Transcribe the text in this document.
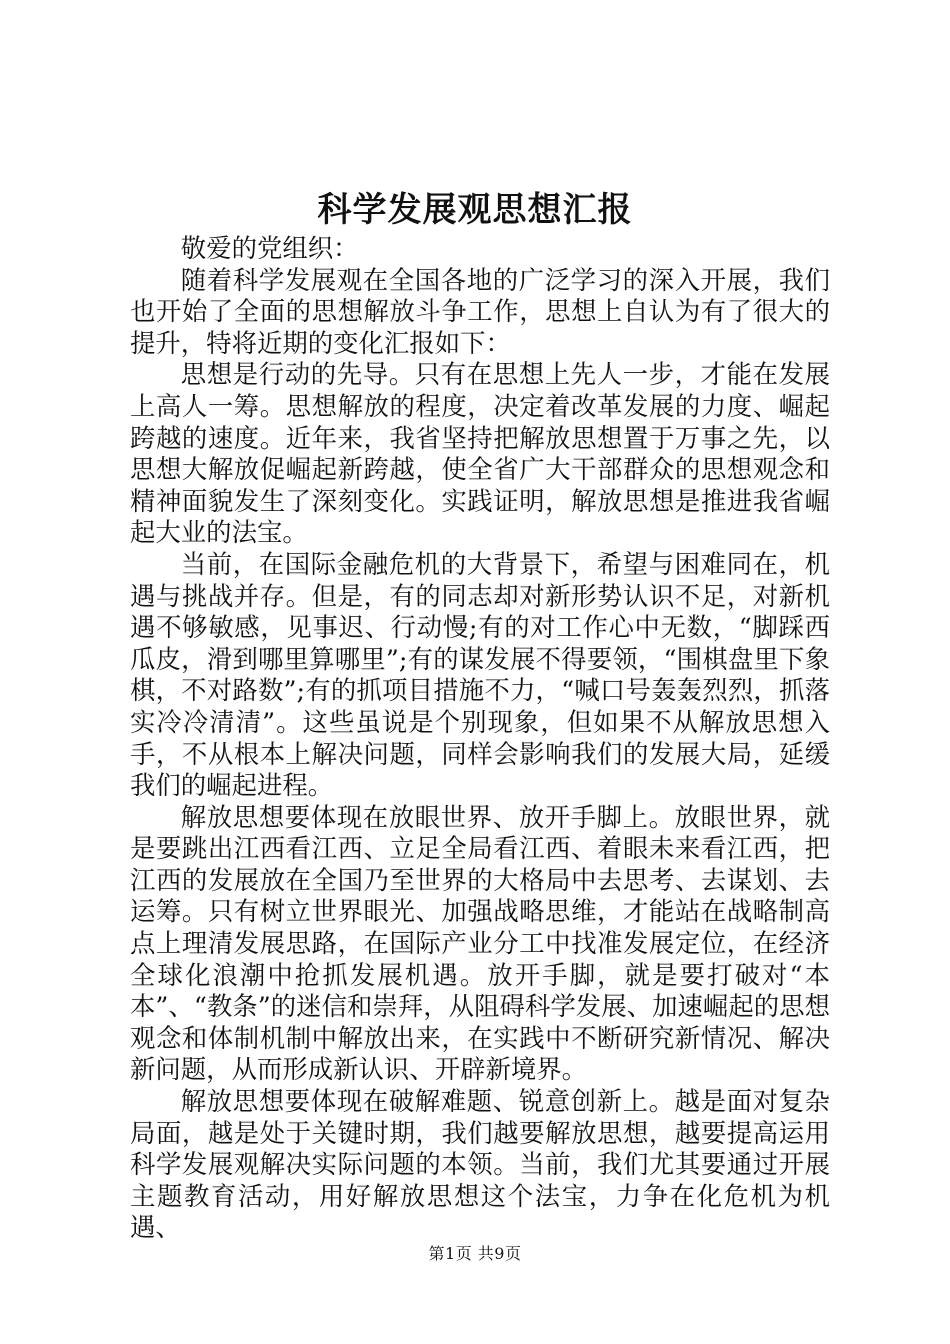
科学发展观思想汇报

敬爱的党组织：

随着科学发展观在全国各地的广泛学习的深入开展，我们也开始了全面的思想解放斗争工作，思想上自认为有了很大的提升，特将近期的变化汇报如下：

思想是行动的先导。只有在思想上先人一步，才能在发展上高人一筹。思想解放的程度，决定着改革发展的力度、崛起跨越的速度。近年来，我省坚持把解放思想置于万事之先，以思想大解放促崛起新跨越，使全省广大干部群众的思想观念和精神面貌发生了深刻变化。实践证明，解放思想是推进我省崛起大业的法宝。

当前，在国际金融危机的大背景下，希望与困难同在，机遇与挑战并存。但是，有的同志却对新形势认识不足，对新机遇不够敏感，见事迟、行动慢;有的对工作心中无数，“脚踩西瓜皮，滑到哪里算哪里”;有的谋发展不得要领，“围棋盘里下象棋，不对路数”;有的抓项目措施不力，“喊口号轰轰烈烈，抓落实冷冷清清”。这些虽说是个别现象，但如果不从解放思想入手，不从根本上解决问题，同样会影响我们的发展大局，延缓我们的崛起进程。

解放思想要体现在放眼世界、放开手脚上。放眼世界，就是要跳出江西看江西、立足全局看江西、着眼未来看江西，把江西的发展放在全国乃至世界的大格局中去思考、去谋划、去运筹。只有树立世界眼光、加强战略思维，才能站在战略制高点上理清发展思路，在国际产业分工中找准发展定位，在经济全球化浪潮中抢抓发展机遇。放开手脚，就是要打破对“本本”、“教条”的迷信和崇拜，从阻碍科学发展、加速崛起的思想观念和体制机制中解放出来，在实践中不断研究新情况、解决新问题，从而形成新认识、开辟新境界。

解放思想要体现在破解难题、锐意创新上。越是面对复杂局面，越是处于关键时期，我们越要解放思想，越要提高运用科学发展观解决实际问题的本领。当前，我们尤其要通过开展主题教育活动，用好解放思想这个法宝，力争在化危机为机遇、

第1页 共9页
